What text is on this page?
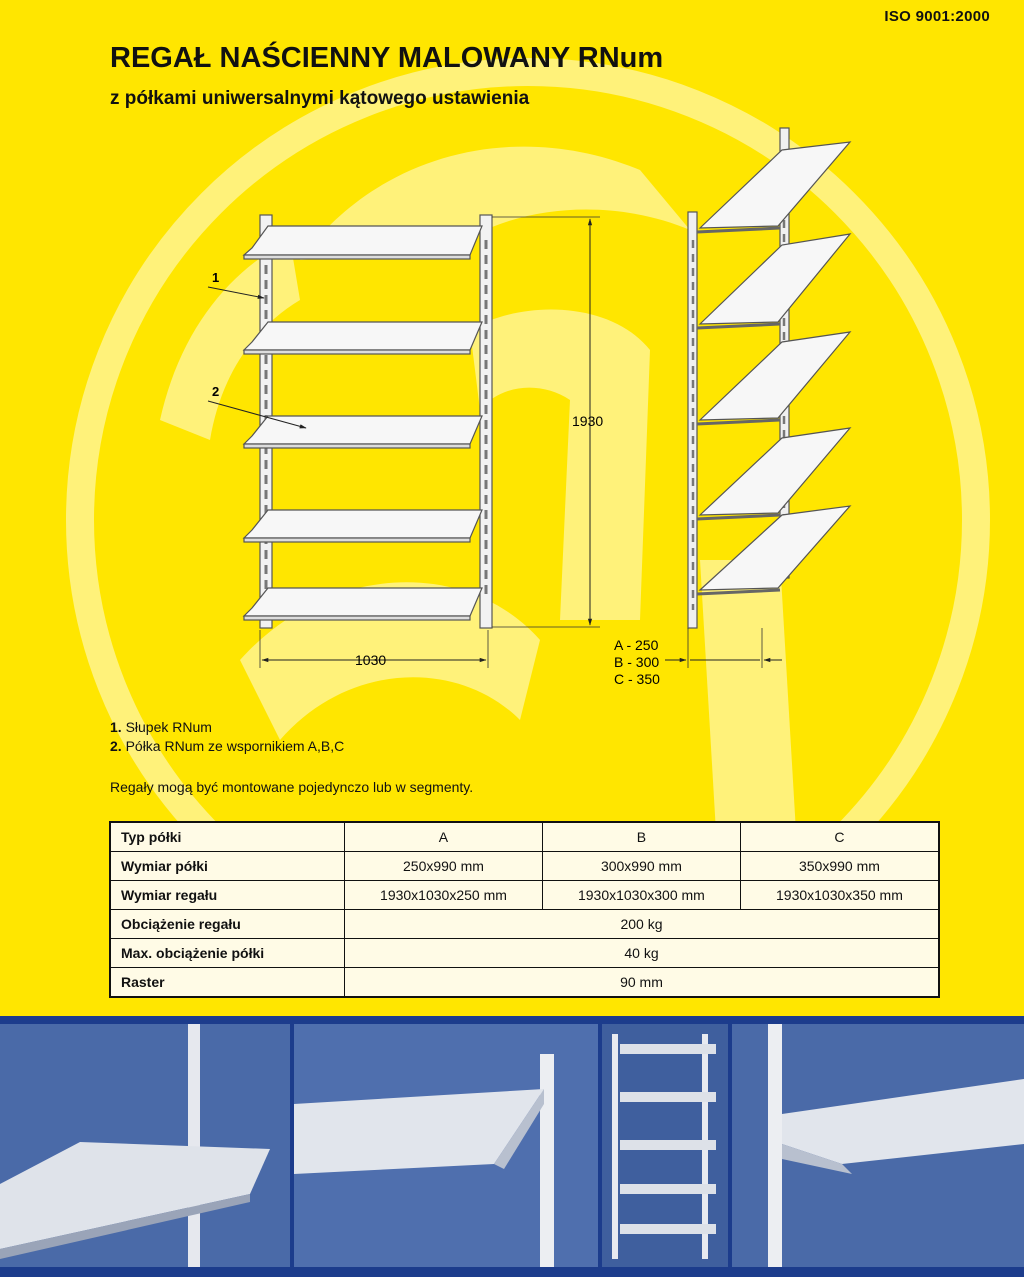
ISO 9001:2000
REGAŁ NAŚCIENNY MALOWANY RNum
z półkami uniwersalnymi kątowego ustawienia
1
2
1930
1030
A - 250
B - 300
C - 350
1. Słupek RNum
2. Półka RNum ze wspornikiem A,B,C
Regały mogą być montowane pojedynczo lub w segmenty.
Typ półki	A	B	C
Wymiar półki	250x990 mm	300x990 mm	350x990 mm
Wymiar regału	1930x1030x250 mm	1930x1030x300 mm	1930x1030x350 mm
Obciążenie regału	200 kg		
Max. obciążenie półki	40 kg		
Raster	90 mm		
